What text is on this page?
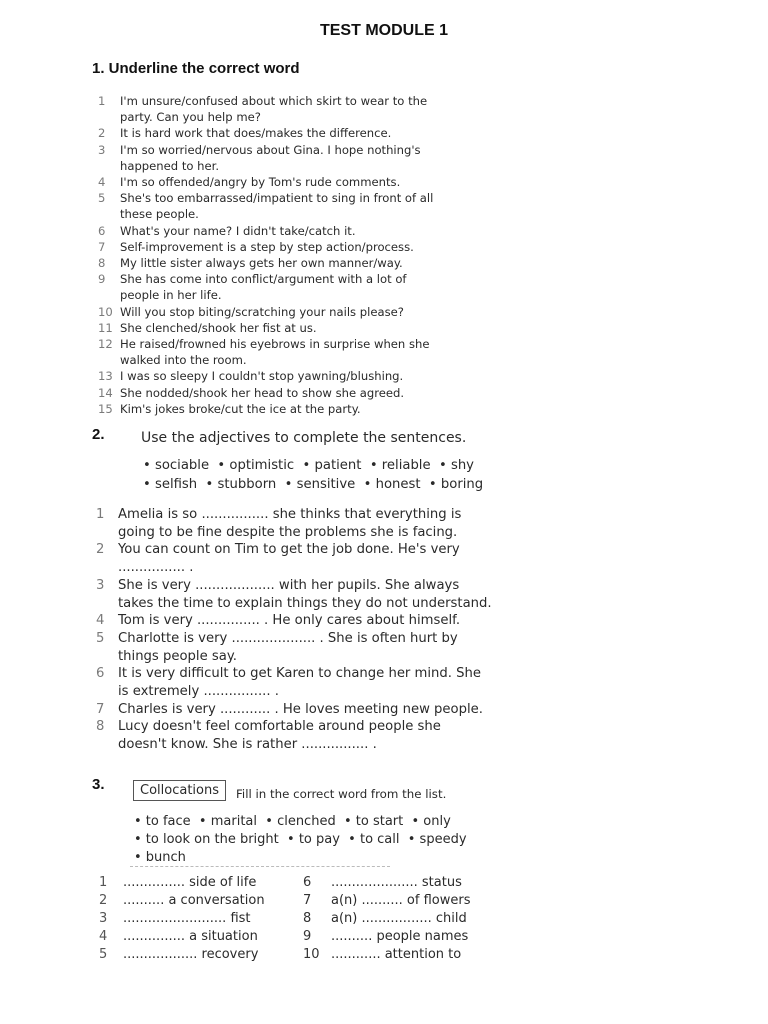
TEST MODULE 1
1. Underline the correct word
1	I'm unsure/confused about which skirt to wear to the
party. Can you help me?
2	It is hard work that does/makes the difference.
3	I'm so worried/nervous about Gina. I hope nothing's
happened to her.
4	I'm so offended/angry by Tom's rude comments.
5	She's too embarrassed/impatient to sing in front of all
these people.
6	What's your name? I didn't take/catch it.
7	Self-improvement is a step by step action/process.
8	My little sister always gets her own manner/way.
9	She has come into conflict/argument with a lot of
people in her life.
10 Will you stop biting/scratching your nails please?
11 She clenched/shook her fist at us.
12 He raised/frowned his eyebrows in surprise when she
walked into the room.
13 I was so sleepy I couldn't stop yawning/blushing.
14 She nodded/shook her head to show she agreed.
15 Kim's jokes broke/cut the ice at the party.
2.	Use the adjectives to complete the sentences.
• sociable  • optimistic  • patient  • reliable  • shy
• selfish  • stubborn  • sensitive  • honest  • boring
1	Amelia is so ................ she thinks that everything is
going to be fine despite the problems she is facing.
2	You can count on Tim to get the job done. He's very
................ .
3	She is very ................... with her pupils. She always
takes the time to explain things they do not understand.
4	Tom is very ............... . He only cares about himself.
5	Charlotte is very .................... . She is often hurt by
things people say.
6	It is very difficult to get Karen to change her mind. She
is extremely ................ .
7	Charles is very ............ . He loves meeting new people.
8	Lucy doesn't feel comfortable around people she
doesn't know. She is rather ................ .
3.	Collocations	Fill in the correct word from the list.
• to face  • marital  • clenched  • to start  • only
• to look on the bright  • to pay  • to call  • speedy
• bunch
1	............... side of life	6	..................... status
2	.......... a conversation	7	a(n) .......... of flowers
3	......................... fist	8	a(n) ................. child
4	............... a situation	9	.......... people names
5	.................. recovery	10 ............ attention to
